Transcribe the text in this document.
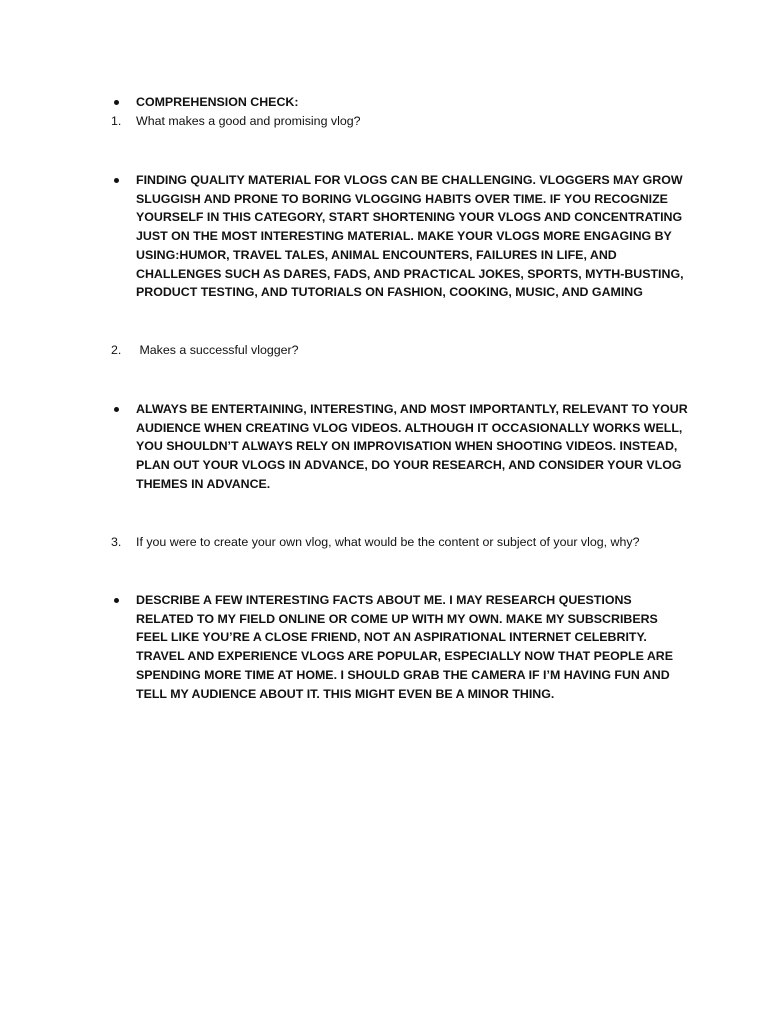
COMPREHENSION CHECK:
1.	What makes a good and promising vlog?
FINDING QUALITY MATERIAL FOR VLOGS CAN BE CHALLENGING. VLOGGERS MAY GROW SLUGGISH AND PRONE TO BORING VLOGGING HABITS OVER TIME. IF YOU RECOGNIZE YOURSELF IN THIS CATEGORY, START SHORTENING YOUR VLOGS AND CONCENTRATING JUST ON THE MOST INTERESTING MATERIAL. MAKE YOUR VLOGS MORE ENGAGING BY USING:HUMOR, TRAVEL TALES, ANIMAL ENCOUNTERS, FAILURES IN LIFE, AND CHALLENGES SUCH AS DARES, FADS, AND PRACTICAL JOKES, SPORTS, MYTH-BUSTING, PRODUCT TESTING, AND TUTORIALS ON FASHION, COOKING, MUSIC, AND GAMING
2.	Makes a successful vlogger?
ALWAYS BE ENTERTAINING, INTERESTING, AND MOST IMPORTANTLY, RELEVANT TO YOUR AUDIENCE WHEN CREATING VLOG VIDEOS. ALTHOUGH IT OCCASIONALLY WORKS WELL, YOU SHOULDN’T ALWAYS RELY ON IMPROVISATION WHEN SHOOTING VIDEOS. INSTEAD, PLAN OUT YOUR VLOGS IN ADVANCE, DO YOUR RESEARCH, AND CONSIDER YOUR VLOG THEMES IN ADVANCE.
3.	If you were to create your own vlog, what would be the content or subject of your vlog, why?
DESCRIBE A FEW INTERESTING FACTS ABOUT ME. I MAY RESEARCH QUESTIONS RELATED TO MY FIELD ONLINE OR COME UP WITH MY OWN. MAKE MY SUBSCRIBERS FEEL LIKE YOU’RE A CLOSE FRIEND, NOT AN ASPIRATIONAL INTERNET CELEBRITY. TRAVEL AND EXPERIENCE VLOGS ARE POPULAR, ESPECIALLY NOW THAT PEOPLE ARE SPENDING MORE TIME AT HOME. I SHOULD GRAB THE CAMERA IF I’M HAVING FUN AND TELL MY AUDIENCE ABOUT IT. THIS MIGHT EVEN BE A MINOR THING.
